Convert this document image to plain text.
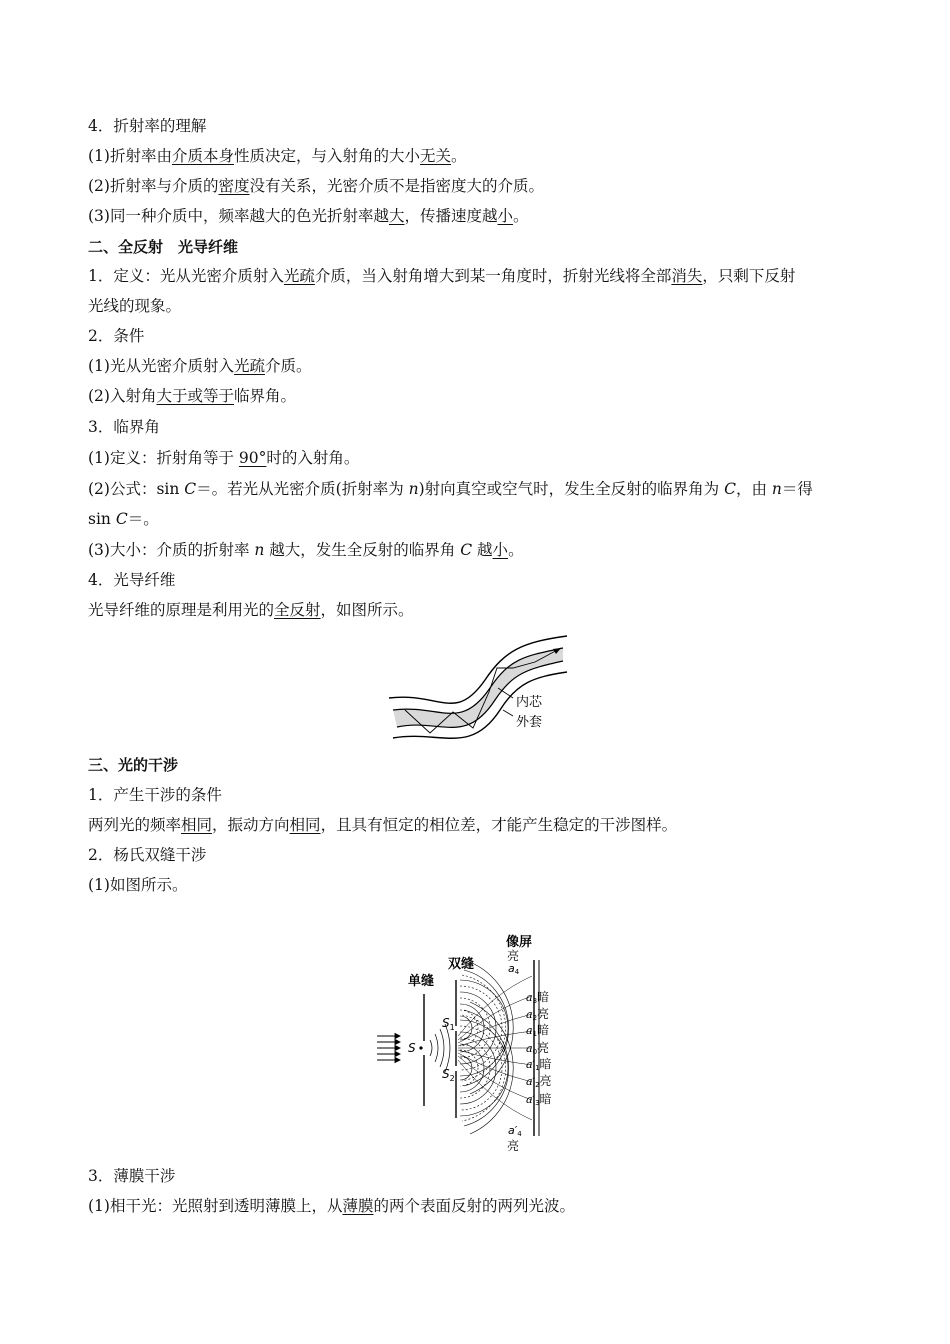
4．折射率的理解
(1)折射率由介质本身性质决定，与入射角的大小无关。
(2)折射率与介质的密度没有关系，光密介质不是指密度大的介质。
(3)同一种介质中，频率越大的色光折射率越大，传播速度越小。
二、全反射　光导纤维
1．定义：光从光密介质射入光疏介质，当入射角增大到某一角度时，折射光线将全部消失，只剩下反射
光线的现象。
2．条件
(1)光从光密介质射入光疏介质。
(2)入射角大于或等于临界角。
3．临界角
(1)定义：折射角等于 90°时的入射角。
(2)公式：sin C＝。若光从光密介质(折射率为 n)射向真空或空气时，发生全反射的临界角为 C，由 n＝得
sin C＝。
(3)大小：介质的折射率 n 越大，发生全反射的临界角 C 越小。
4．光导纤维
光导纤维的原理是利用光的全反射，如图所示。
内芯
外套
三、光的干涉
1．产生干涉的条件
两列光的频率相同，振动方向相同，且具有恒定的相位差，才能产生稳定的干涉图样。
2．杨氏双缝干涉
(1)如图所示。
单缝
S
双缝
$S_1$
$S_2$
像屏
亮
a4
a3暗
a2亮
a1暗
a0亮
a′1暗
a′2亮
a′3暗
a′4
亮
3．薄膜干涉
(1)相干光：光照射到透明薄膜上，从薄膜的两个表面反射的两列光波。
